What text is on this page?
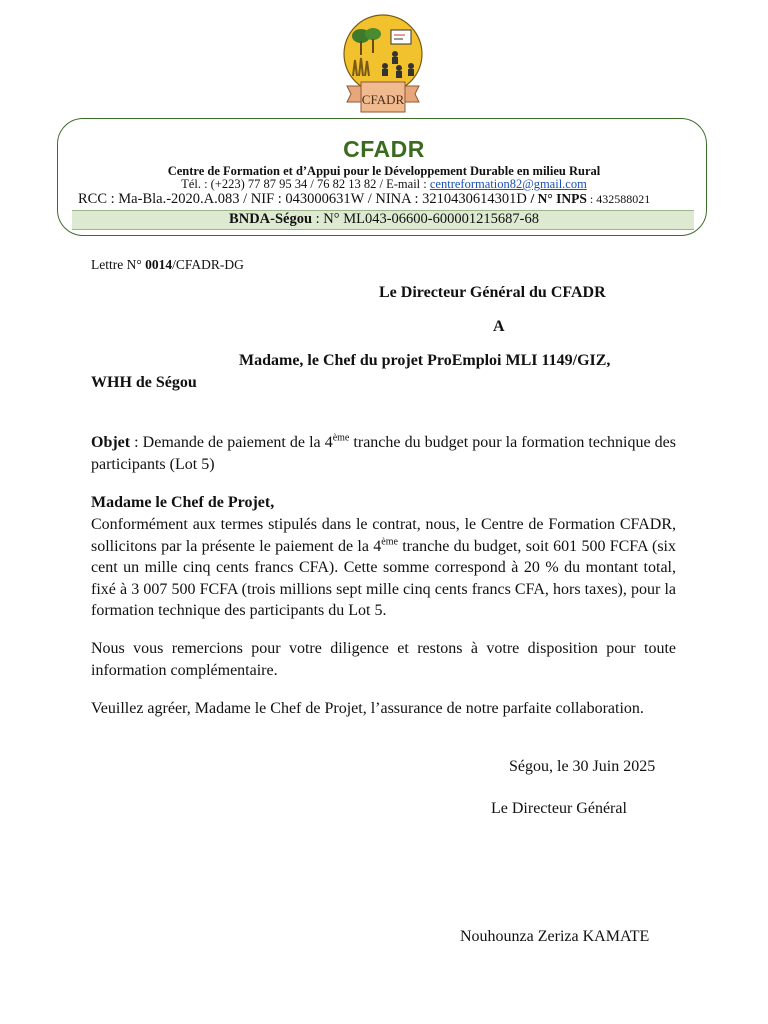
CFADR
CFADR
Centre de Formation et d’Appui pour le Développement Durable en milieu Rural
Tél. : (+223) 77 87 95 34 / 76 82 13 82 / E-mail : centreformation82@gmail.com
RCC : Ma-Bla.-2020.A.083 / NIF : 043000631W / NINA : 3210430614301D / N° INPS : 432588021
BNDA-Ségou : N° ML043-06600-600001215687-68
Lettre N° 0014/CFADR-DG
Le Directeur Général du CFADR
A
Madame, le Chef du projet ProEmploi MLI 1149/GIZ,
WHH de Ségou
Objet : Demande de paiement de la 4ème tranche du budget pour la formation technique des participants (Lot 5)
Madame le Chef de Projet,
Conformément aux termes stipulés dans le contrat, nous, le Centre de Formation CFADR, sollicitons par la présente le paiement de la 4ème tranche du budget, soit 601 500 FCFA (six cent un mille cinq cents francs CFA). Cette somme correspond à 20 % du montant total, fixé à 3 007 500 FCFA (trois millions sept mille cinq cents francs CFA, hors taxes), pour la formation technique des participants du Lot 5.
Nous vous remercions pour votre diligence et restons à votre disposition pour toute information complémentaire.
Veuillez agréer, Madame le Chef de Projet, l’assurance de notre parfaite collaboration.
Ségou, le 30 Juin 2025
Le Directeur Général
Nouhounza Zeriza KAMATE
